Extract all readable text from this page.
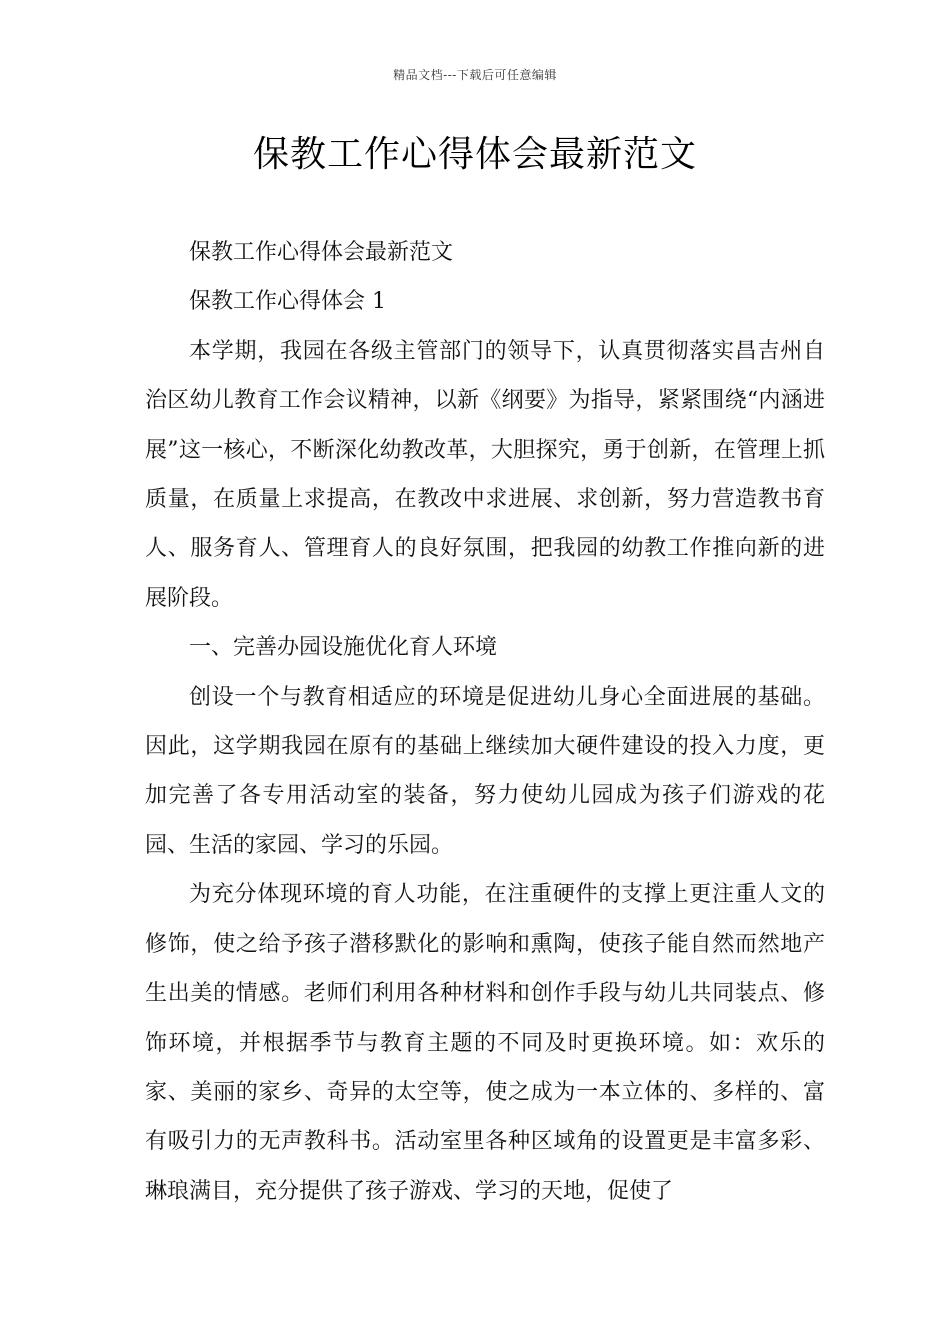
精品文档---下载后可任意编辑
保教工作心得体会最新范文

保教工作心得体会最新范文

保教工作心得体会 1

本学期，我园在各级主管部门的领导下，认真贯彻落实昌吉州自治区幼儿教育工作会议精神，以新《纲要》为指导，紧紧围绕“内涵进展”这一核心，不断深化幼教改革，大胆探究，勇于创新，在管理上抓质量，在质量上求提高，在教改中求进展、求创新，努力营造教书育人、服务育人、管理育人的良好氛围，把我园的幼教工作推向新的进展阶段。

一、完善办园设施优化育人环境

创设一个与教育相适应的环境是促进幼儿身心全面进展的基础。因此，这学期我园在原有的基础上继续加大硬件建设的投入力度，更加完善了各专用活动室的装备，努力使幼儿园成为孩子们游戏的花园、生活的家园、学习的乐园。

为充分体现环境的育人功能，在注重硬件的支撑上更注重人文的修饰，使之给予孩子潜移默化的影响和熏陶，使孩子能自然而然地产生出美的情感。老师们利用各种材料和创作手段与幼儿共同装点、修饰环境，并根据季节与教育主题的不同及时更换环境。如：欢乐的家、美丽的家乡、奇异的太空等，使之成为一本立体的、多样的、富有吸引力的无声教科书。活动室里各种区域角的设置更是丰富多彩、琳琅满目，充分提供了孩子游戏、学习的天地，促使了
